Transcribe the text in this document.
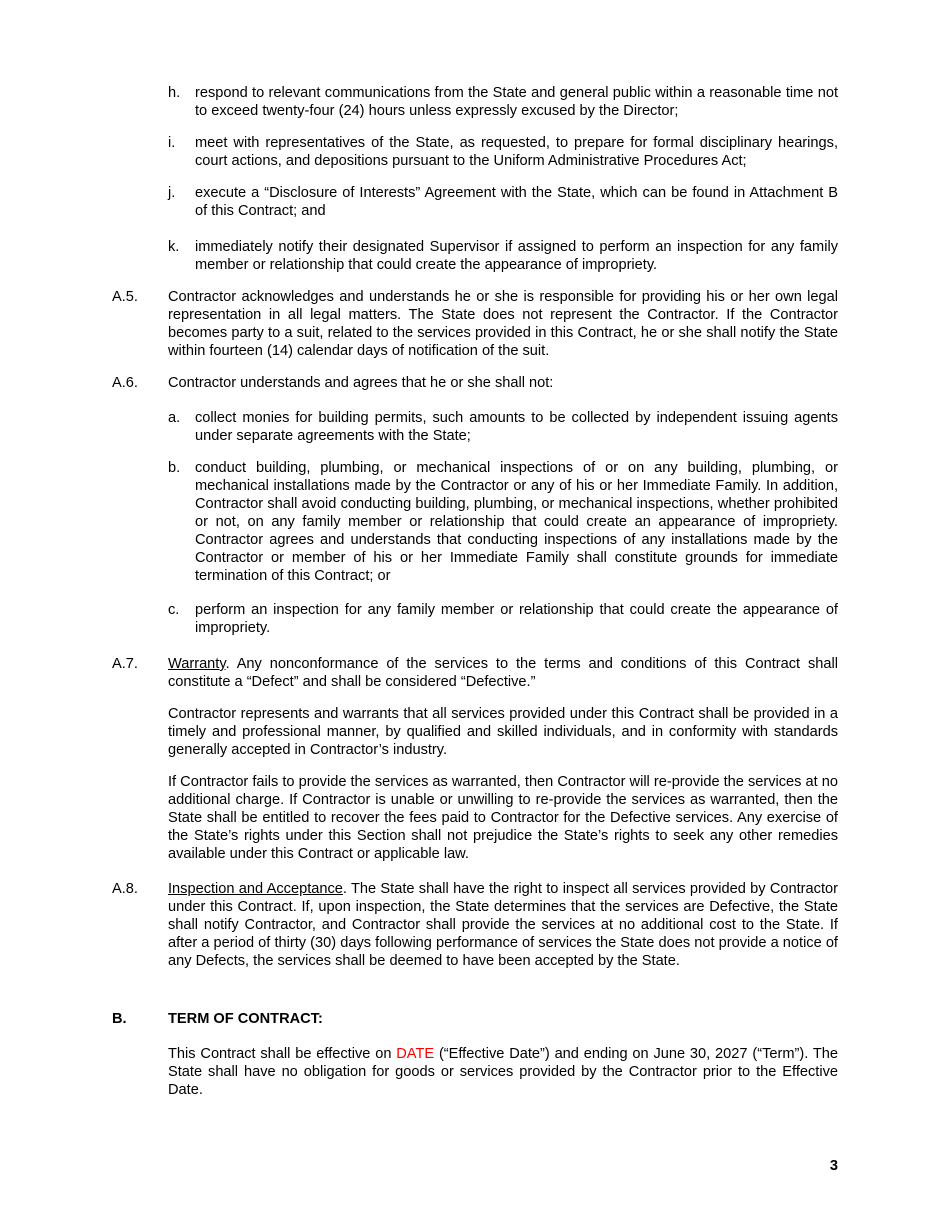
h. respond to relevant communications from the State and general public within a reasonable time not to exceed twenty-four (24) hours unless expressly excused by the Director;
i. meet with representatives of the State, as requested, to prepare for formal disciplinary hearings, court actions, and depositions pursuant to the Uniform Administrative Procedures Act;
j. execute a “Disclosure of Interests” Agreement with the State, which can be found in Attachment B of this Contract; and
k. immediately notify their designated Supervisor if assigned to perform an inspection for any family member or relationship that could create the appearance of impropriety.
A.5. Contractor acknowledges and understands he or she is responsible for providing his or her own legal representation in all legal matters. The State does not represent the Contractor. If the Contractor becomes party to a suit, related to the services provided in this Contract, he or she shall notify the State within fourteen (14) calendar days of notification of the suit.
A.6. Contractor understands and agrees that he or she shall not:
a. collect monies for building permits, such amounts to be collected by independent issuing agents under separate agreements with the State;
b. conduct building, plumbing, or mechanical inspections of or on any building, plumbing, or mechanical installations made by the Contractor or any of his or her Immediate Family. In addition, Contractor shall avoid conducting building, plumbing, or mechanical inspections, whether prohibited or not, on any family member or relationship that could create an appearance of impropriety. Contractor agrees and understands that conducting inspections of any installations made by the Contractor or member of his or her Immediate Family shall constitute grounds for immediate termination of this Contract; or
c. perform an inspection for any family member or relationship that could create the appearance of impropriety.
A.7. Warranty. Any nonconformance of the services to the terms and conditions of this Contract shall constitute a “Defect” and shall be considered “Defective.”
Contractor represents and warrants that all services provided under this Contract shall be provided in a timely and professional manner, by qualified and skilled individuals, and in conformity with standards generally accepted in Contractor’s industry.
If Contractor fails to provide the services as warranted, then Contractor will re-provide the services at no additional charge. If Contractor is unable or unwilling to re-provide the services as warranted, then the State shall be entitled to recover the fees paid to Contractor for the Defective services. Any exercise of the State’s rights under this Section shall not prejudice the State’s rights to seek any other remedies available under this Contract or applicable law.
A.8. Inspection and Acceptance. The State shall have the right to inspect all services provided by Contractor under this Contract. If, upon inspection, the State determines that the services are Defective, the State shall notify Contractor, and Contractor shall provide the services at no additional cost to the State. If after a period of thirty (30) days following performance of services the State does not provide a notice of any Defects, the services shall be deemed to have been accepted by the State.
B.	TERM OF CONTRACT:
This Contract shall be effective on DATE (“Effective Date”) and ending on June 30, 2027 (“Term”). The State shall have no obligation for goods or services provided by the Contractor prior to the Effective Date.
3
